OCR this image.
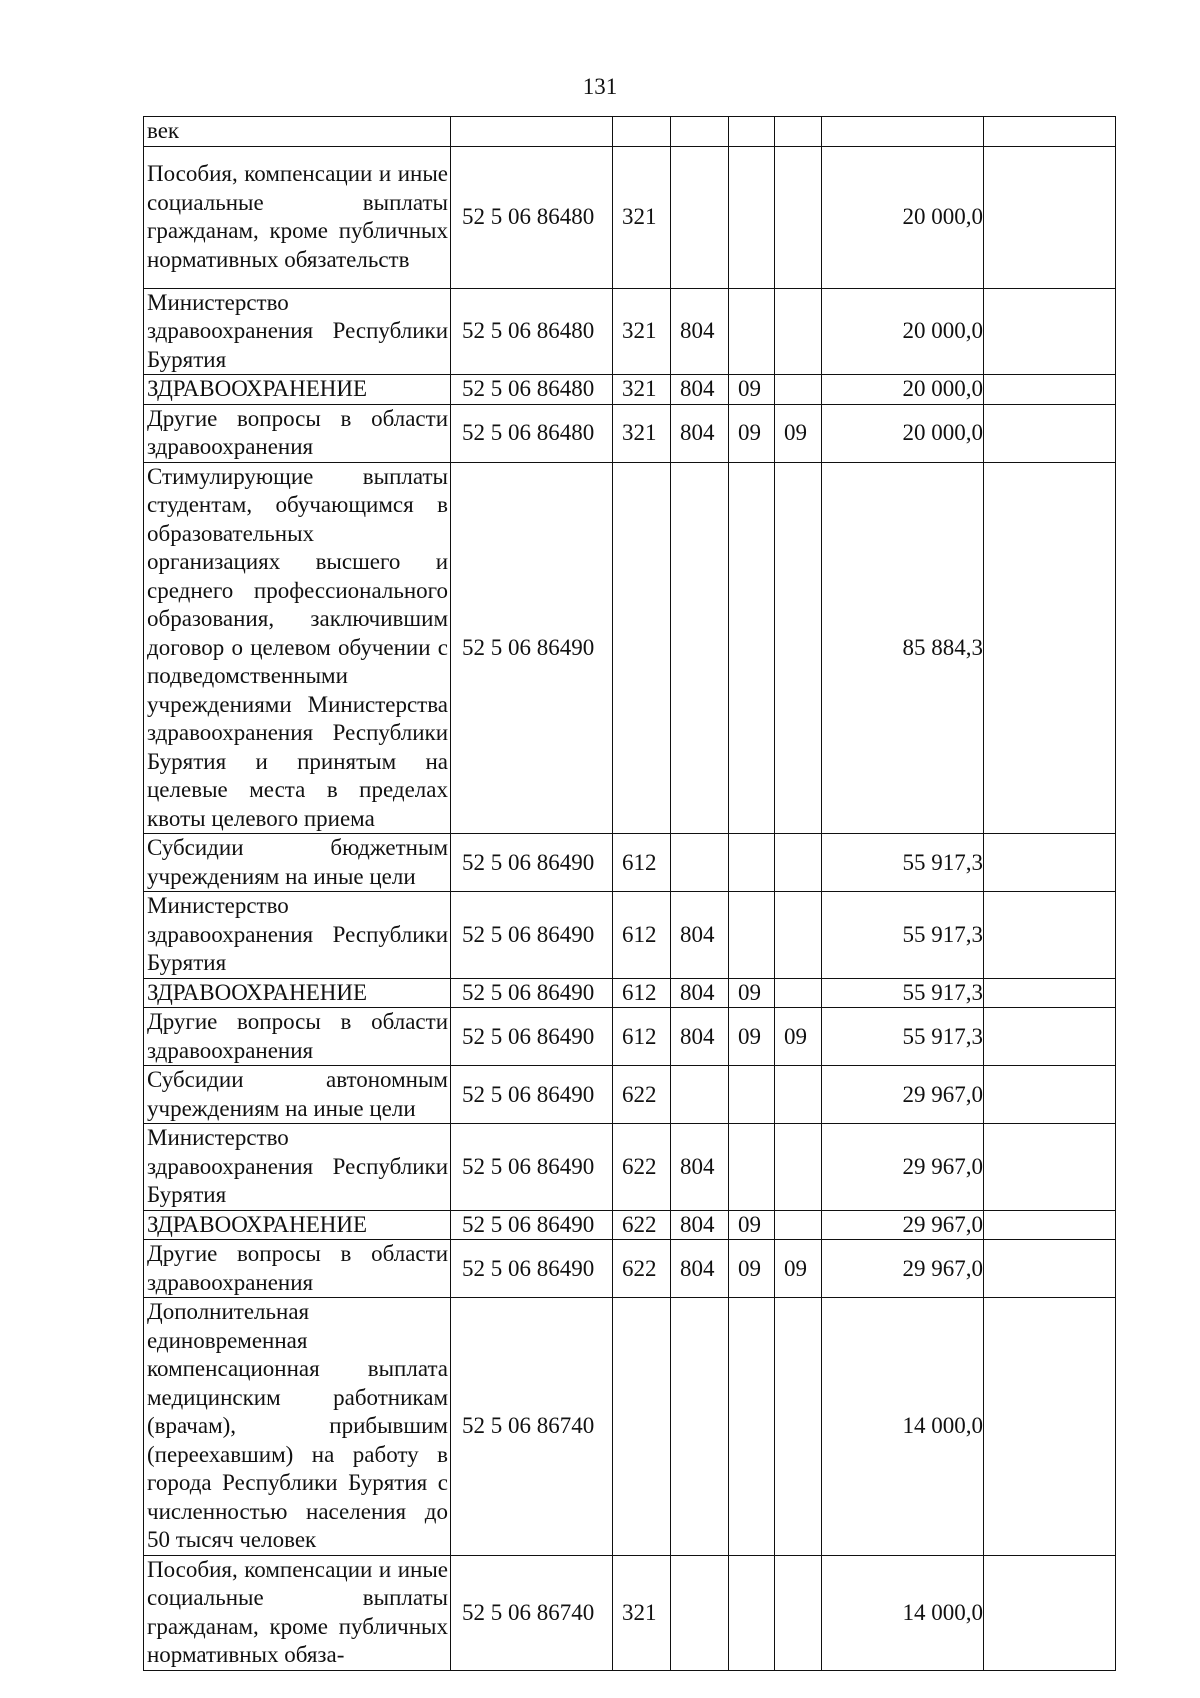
131
век							
Пособия, компенсации и иные социальные выплаты гражданам, кроме публичных нормативных обязательств	52 5 06 86480	321				20 000,0	
Министерство здравоохранения Республики Бурятия	52 5 06 86480	321	804			20 000,0	
ЗДРАВООХРАНЕНИЕ	52 5 06 86480	321	804	09		20 000,0	
Другие вопросы в области здравоохранения	52 5 06 86480	321	804	09	09	20 000,0	
Стимулирующие выплаты студентам, обучающимся в образовательных организациях высшего и среднего профессионального образования, заключившим договор о целевом обучении с подведомственными учреждениями Министерства здравоохранения Республики Бурятия и принятым на целевые места в пределах квоты целевого приема	52 5 06 86490					85 884,3	
Субсидии бюджетным учреждениям на иные цели	52 5 06 86490	612				55 917,3	
Министерство здравоохранения Республики Бурятия	52 5 06 86490	612	804			55 917,3	
ЗДРАВООХРАНЕНИЕ	52 5 06 86490	612	804	09		55 917,3	
Другие вопросы в области здравоохранения	52 5 06 86490	612	804	09	09	55 917,3	
Субсидии автономным учреждениям на иные цели	52 5 06 86490	622				29 967,0	
Министерство здравоохранения Республики Бурятия	52 5 06 86490	622	804			29 967,0	
ЗДРАВООХРАНЕНИЕ	52 5 06 86490	622	804	09		29 967,0	
Другие вопросы в области здравоохранения	52 5 06 86490	622	804	09	09	29 967,0	
Дополнительная единовременная компенсационная выплата медицинским работникам (врачам), прибывшим (переехавшим) на работу в города Республики Бурятия с численностью населения до 50 тысяч человек	52 5 06 86740					14 000,0	
Пособия, компенсации и иные социальные выплаты гражданам, кроме публичных нормативных обяза-	52 5 06 86740	321				14 000,0	
